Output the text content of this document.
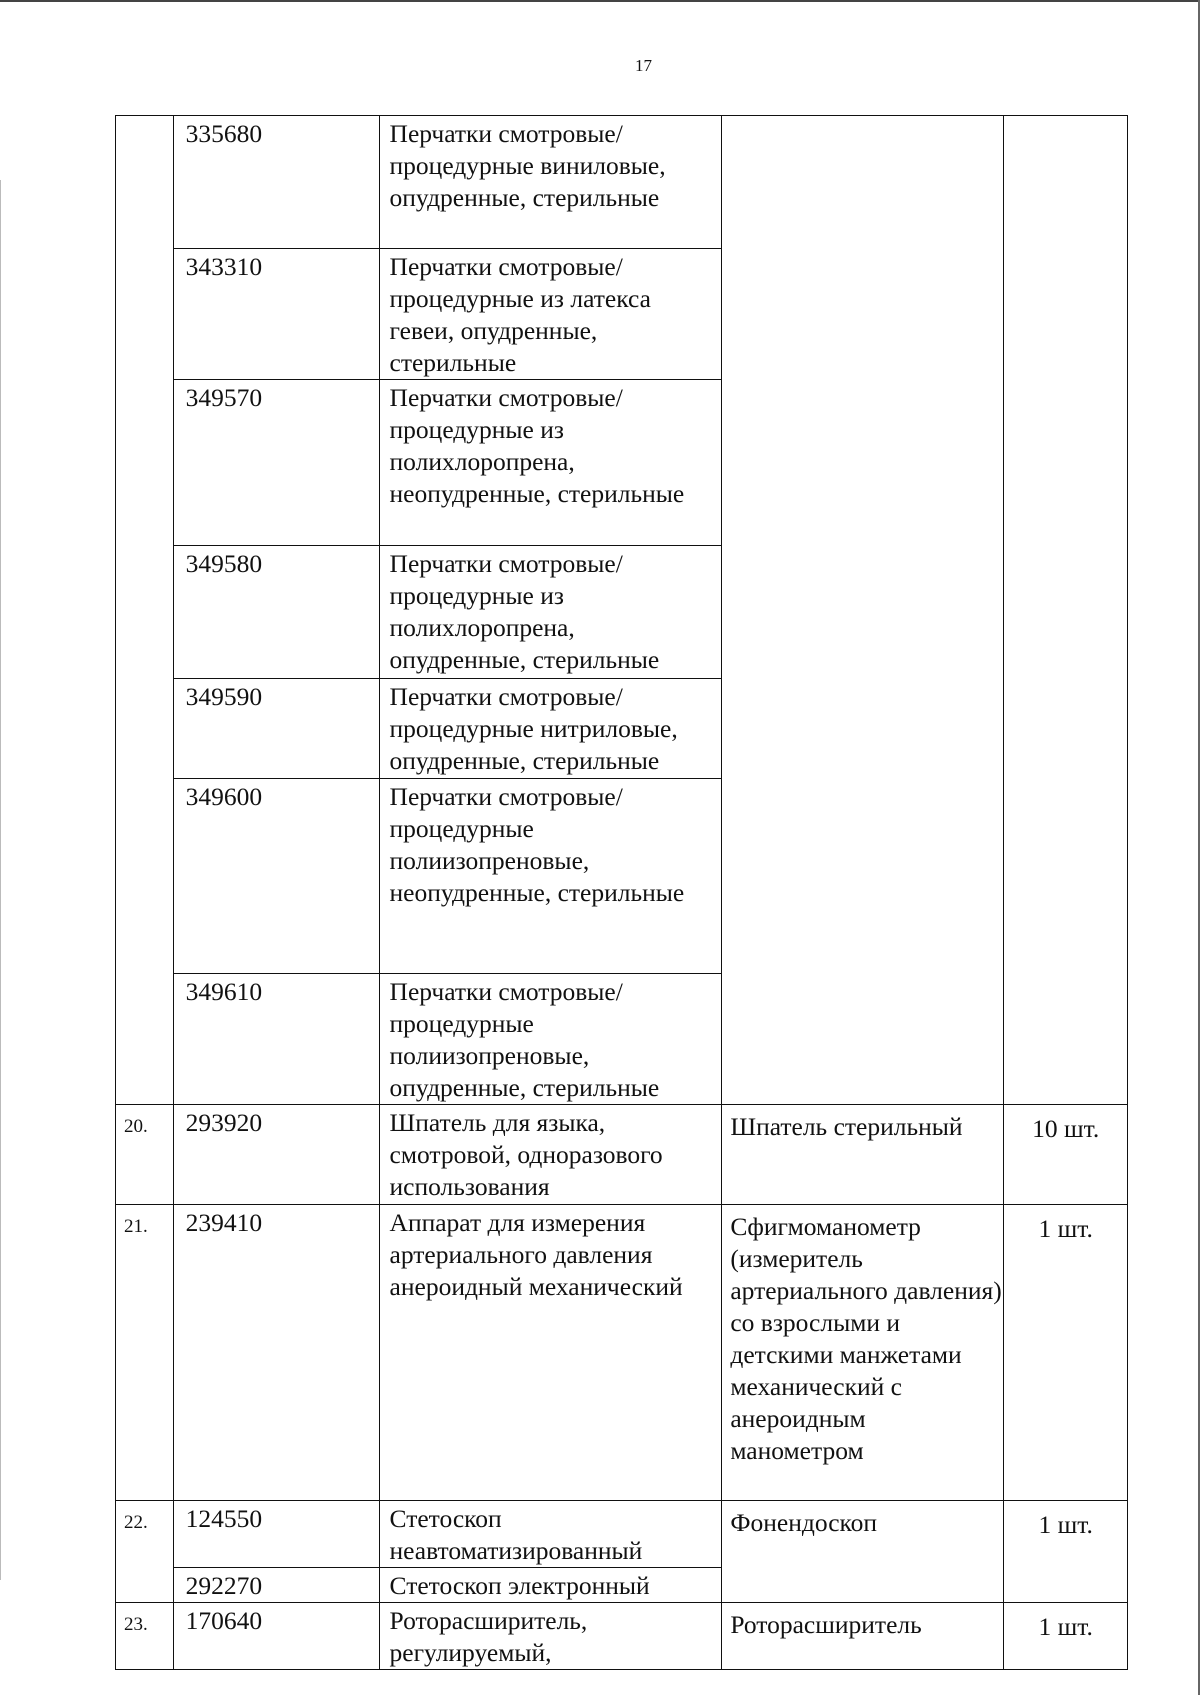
17
	335680	Перчатки смотровые/процедурные виниловые, опудренные, стерильные		
	343310	Перчатки смотровые/процедурные из латекса гевеи, опудренные, стерильные		
	349570	Перчатки смотровые/процедурные из полихлоропрена, неопудренные, стерильные		
	349580	Перчатки смотровые/процедурные из полихлоропрена, опудренные, стерильные		
	349590	Перчатки смотровые/процедурные нитриловые, опудренные, стерильные		
	349600	Перчатки смотровые/процедурные полиизопреновые, неопудренные, стерильные		
	349610	Перчатки смотровые/процедурные полиизопреновые, опудренные, стерильные		
20.	293920	Шпатель для языка, смотровой, одноразового использования	Шпатель стерильный	10 шт.
21.	239410	Аппарат для измерения артериального давления анероидный механический	Сфигмоманометр (измеритель артериального давления) со взрослыми и детскими манжетами механический с анероидным манометром	1 шт.
22.	124550	Стетоскоп неавтоматизированный	Фонендоскоп	1 шт.
	292270	Стетоскоп электронный		
23.	170640	Роторасширитель, регулируемый,	Роторасширитель	1 шт.
